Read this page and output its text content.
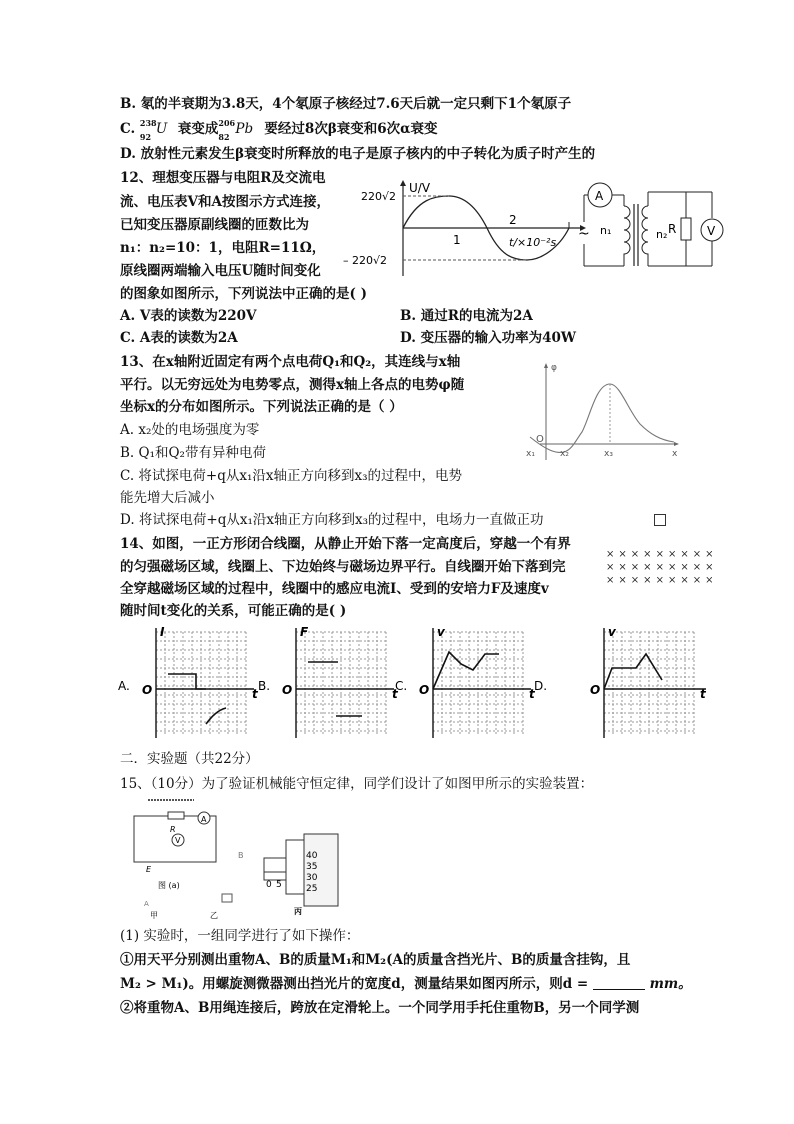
B. 氡的半衰期为3.8天，4个氡原子核经过7.6天后就一定只剩下1个氡原子
C. 238
92 U 衰变成 206
82 Pb 要经过8次β衰变和6次α衰变
D. 放射性元素发生β衰变时所释放的电子是原子核内的中子转化为质子时产生的
12、理想变压器与电阻R及交流电
流、电压表V和A按图示方式连接，
已知变压器原副线圈的匝数比为
n₁：n₂=10：1，电阻R=11Ω，
原线圈两端输入电压U随时间变化
的图象如图所示，下列说法中正确的是( )
A. V表的读数为220V	B. 通过R的电流为2A
C. A表的读数为2A	D. 变压器的输入功率为40W
U/V
220√2
– 220√2
1
2
t/×10⁻²s
A
~ n₁	n₂ R	V
13、在x轴附近固定有两个点电荷Q₁和Q₂，其连线与x轴
平行。以无穷远处为电势零点，测得x轴上各点的电势φ随
坐标x的分布如图所示。下列说法正确的是（ ）
A. x₂处的电场强度为零
B. Q₁和Q₂带有异种电荷
C. 将试探电荷+q从x₁沿x轴正方向移到x₃的过程中，电势
能先增大后减小
D. 将试探电荷+q从x₁沿x轴正方向移到x₃的过程中，电场力一直做正功
φ
O
x₁	x₂	x₃	x
14、如图，一正方形闭合线圈，从静止开始下落一定高度后，穿越一个有界
的匀强磁场区域，线圈上、下边始终与磁场边界平行。自线圈开始下落到完
全穿越磁场区域的过程中，线圈中的感应电流I、受到的安培力F及速度v
随时间t变化的关系，可能正确的是( )
×××××××××
×××××××××
×××××××××
A. O
I
t
B. O
F
t
C. O
v
t
D.	O
v
t
二．实验题（共22分）
15、（10分）为了验证机械能守恒定律，同学们设计了如图甲所示的实验装置：
A
V
R
E
图 (a)
B
A
甲	乙
0 5
40
35
30
25
丙
(1) 实验时，一组同学进行了如下操作：
①用天平分别测出重物A、B的质量M₁和M₂(A的质量含挡光片、B的质量含挂钩，且
M₂ > M₁)。用螺旋测微器测出挡光片的宽度d，测量结果如图丙所示，则d =	mm。
②将重物A、B用绳连接后，跨放在定滑轮上。一个同学用手托住重物B，另一个同学测
